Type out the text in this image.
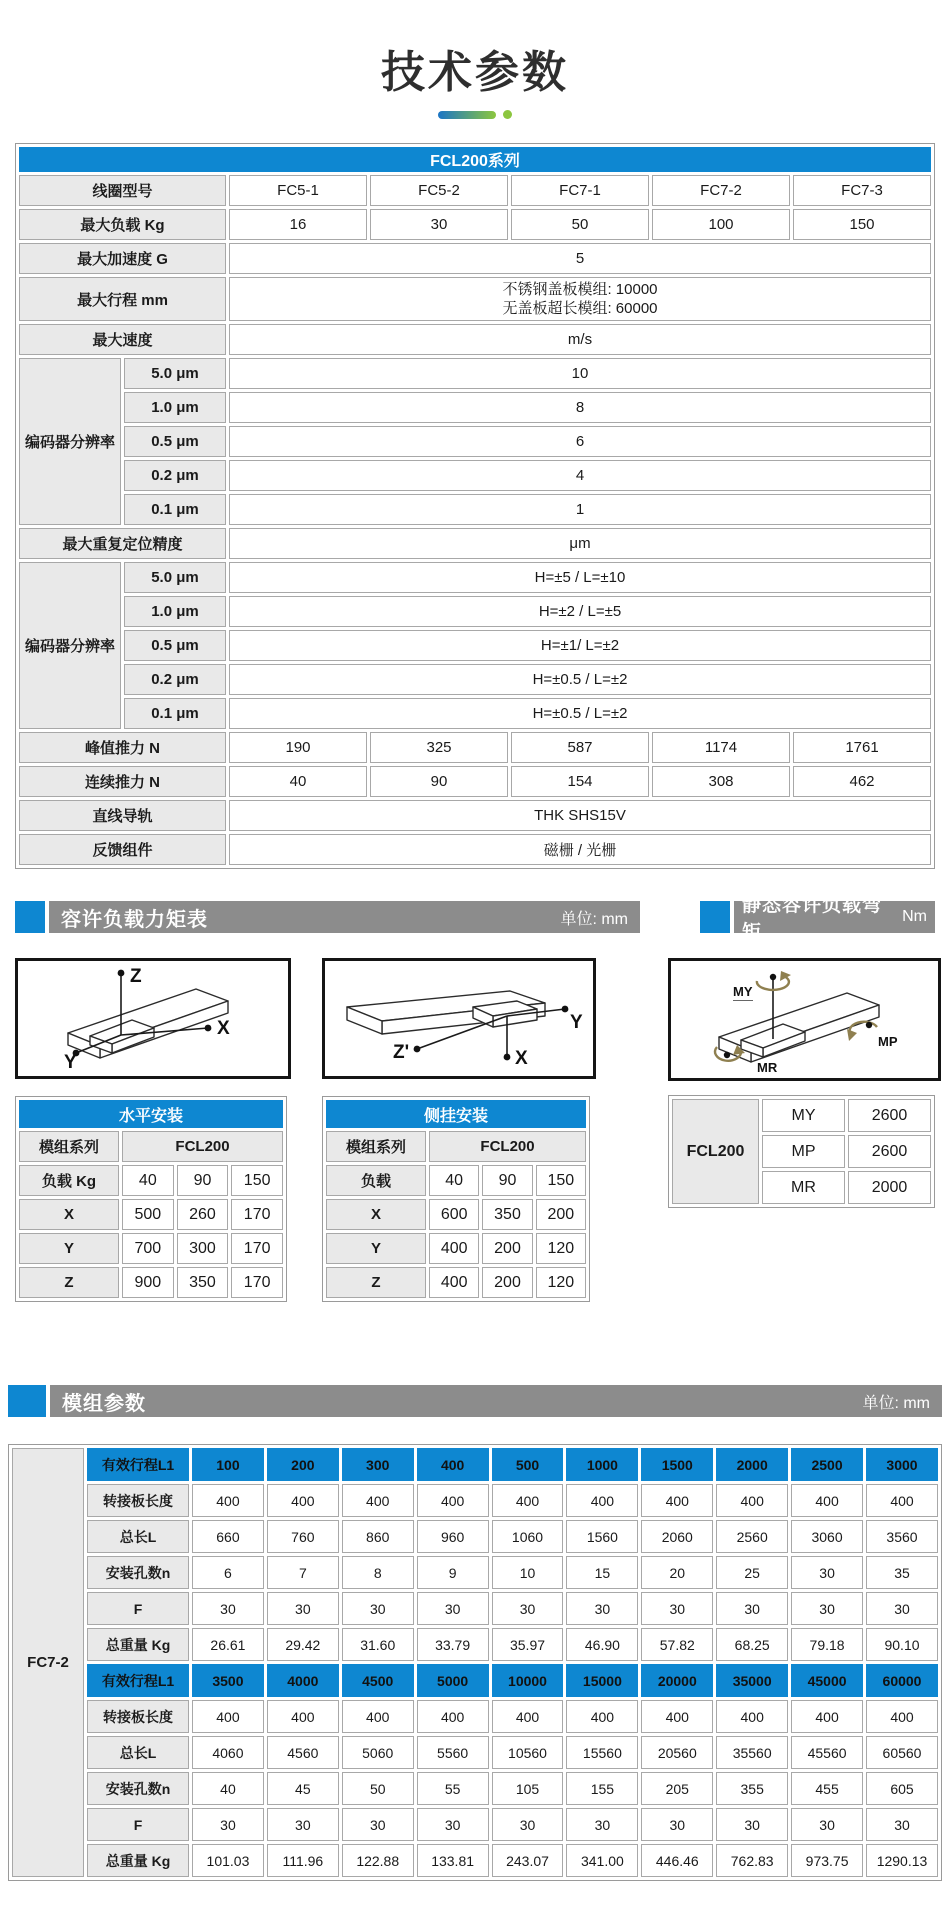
技术参数
FCL200系列						
线圈型号		FC5-1	FC5-2	FC7-1	FC7-2	FC7-3
最大负载 Kg		16	30	50	100	150
最大加速度 G		5				
最大行程 mm		不锈钢盖板模组: 10000
无盖板超长模组: 60000				

最大速度		m/s				
编码器分辨率	5.0 μm	10				
	1.0 μm	8				
	0.5 μm	6				
	0.2 μm	4				
	0.1 μm	1				
最大重复定位精度		μm				
编码器分辨率	5.0 μm	H=±5 / L=±10				
	1.0 μm	H=±2 / L=±5				
	0.5 μm	H=±1/ L=±2				
	0.2 μm	H=±0.5 / L=±2				
	0.1 μm	H=±0.5 / L=±2				
峰值推力 N		190	325	587	1174	1761
连续推力 N		40	90	154	308	462
直线导轨		THK SHS15V				
反馈组件		磁栅 / 光栅				
容许负载力矩表	单位: mm
静态容许负载弯矩
Nm
Z
X
Y	Z'
Y
X
MY
MP
MR
水平安装			
模组系列	FCL200		
负载 Kg	40	90	150
X	500	260	170
Y	700	300	170
Z	900	350	170
侧挂安装			
模组系列	FCL200		
负载	40	90	150
X	600	350	200
Y	400	200	120
Z	400	200	120
FCL200	MY	2600
	MP	2600
	MR	2000
模组参数	单位: mm
FC7-2	有效行程L1	100	200	300	400	500	1000	1500	2000	2500	3000
	转接板长度	400	400	400	400	400	400	400	400	400	400
	总长L	660	760	860	960	1060	1560	2060	2560	3060	3560
	安装孔数n	6	7	8	9	10	15	20	25	30	35
	F	30	30	30	30	30	30	30	30	30	30
	总重量 Kg	26.61	29.42	31.60	33.79	35.97	46.90	57.82	68.25	79.18	90.10
	有效行程L1	3500	4000	4500	5000	10000	15000	20000	35000	45000	60000
	转接板长度	400	400	400	400	400	400	400	400	400	400
	总长L	4060	4560	5060	5560	10560	15560	20560	35560	45560	60560
	安装孔数n	40	45	50	55	105	155	205	355	455	605
	F	30	30	30	30	30	30	30	30	30	30
	总重量 Kg	101.03	111.96	122.88	133.81	243.07	341.00	446.46	762.83	973.75	1290.13
